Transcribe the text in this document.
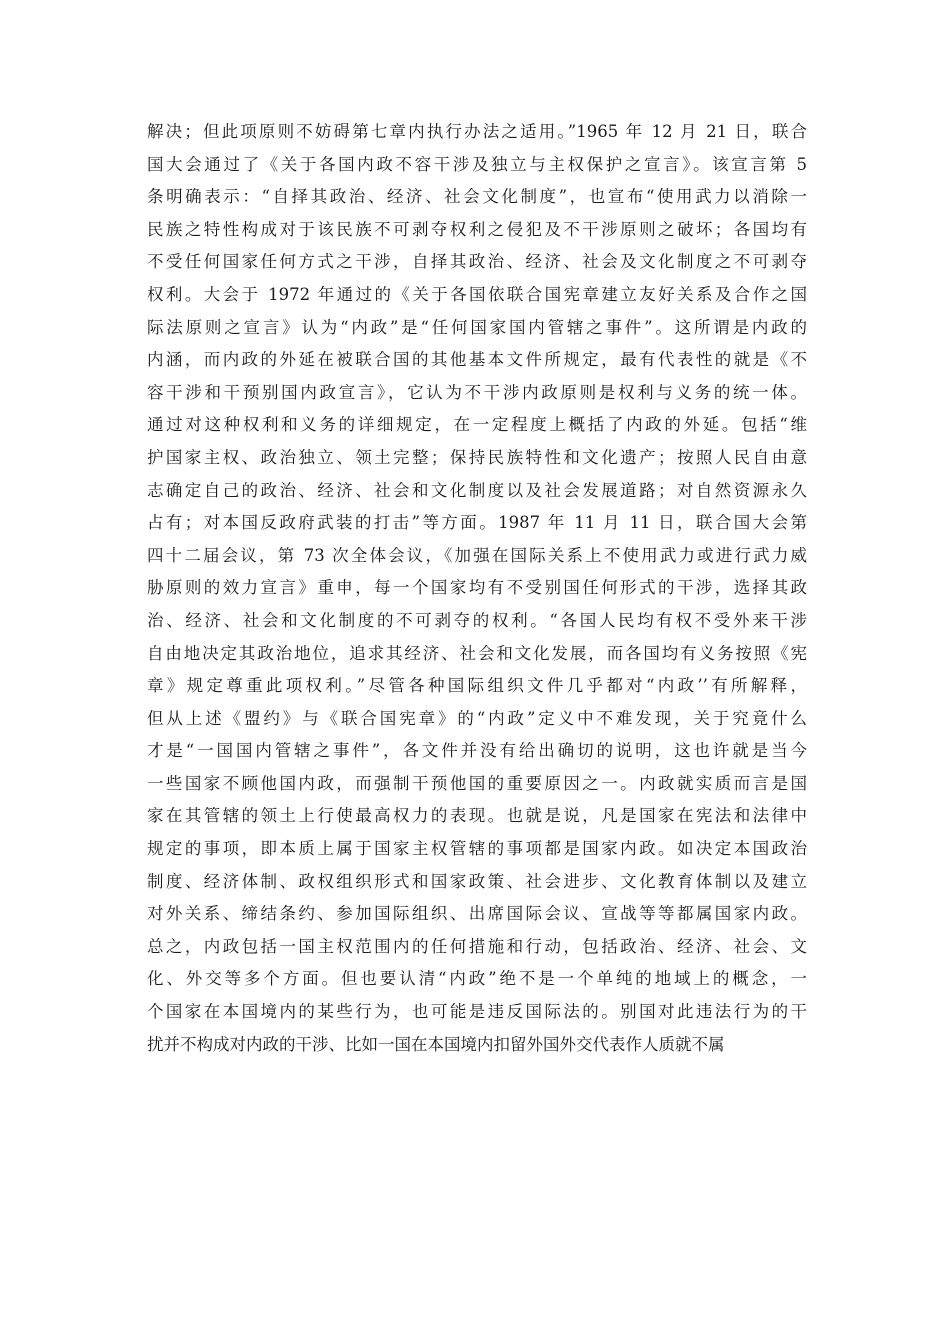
解决；但此项原则不妨碍第七章内执行办法之适用。”1965 年 12 月 21 日，联合
国大会通过了《关于各国内政不容干涉及独立与主权保护之宣言》。该宣言第 5
条明确表示：“自择其政治、经济、社会文化制度”，也宣布“使用武力以消除一
民族之特性构成对于该民族不可剥夺权利之侵犯及不干涉原则之破坏；各国均有
不受任何国家任何方式之干涉，自择其政治、经济、社会及文化制度之不可剥夺
权利。大会于 1972 年通过的《关于各国依联合国宪章建立友好关系及合作之国
际法原则之宣言》认为“内政”是“任何国家国内管辖之事件”。这所谓是内政的
内涵，而内政的外延在被联合国的其他基本文件所规定，最有代表性的就是《不
容干涉和干预别国内政宣言》，它认为不干涉内政原则是权利与义务的统一体。
通过对这种权利和义务的详细规定，在一定程度上概括了内政的外延。包括“维
护国家主权、政治独立、领土完整；保持民族特性和文化遗产；按照人民自由意
志确定自己的政治、经济、社会和文化制度以及社会发展道路；对自然资源永久
占有；对本国反政府武装的打击”等方面。1987 年 11 月 11 日，联合国大会第
四十二届会议，第 73 次全体会议，《加强在国际关系上不使用武力或进行武力威
胁原则的效力宣言》重申，每一个国家均有不受别国任何形式的干涉，选择其政
治、经济、社会和文化制度的不可剥夺的权利。“各国人民均有权不受外来干涉
自由地决定其政治地位，追求其经济、社会和文化发展，而各国均有义务按照《宪
章》规定尊重此项权利。”尽管各种国际组织文件几乎都对“内政’’有所解释，
但从上述《盟约》与《联合国宪章》的“内政”定义中不难发现，关于究竟什么
才是“一国国内管辖之事件”，各文件并没有给出确切的说明，这也许就是当今
一些国家不顾他国内政，而强制干预他国的重要原因之一。内政就实质而言是国
家在其管辖的领土上行使最高权力的表现。也就是说，凡是国家在宪法和法律中
规定的事项，即本质上属于国家主权管辖的事项都是国家内政。如决定本国政治
制度、经济体制、政权组织形式和国家政策、社会进步、文化教育体制以及建立
对外关系、缔结条约、参加国际组织、出席国际会议、宣战等等都属国家内政。
总之，内政包括一国主权范围内的任何措施和行动，包括政治、经济、社会、文
化、外交等多个方面。但也要认清“内政”绝不是一个单纯的地域上的概念，一
个国家在本国境内的某些行为，也可能是违反国际法的。别国对此违法行为的干
扰并不构成对内政的干涉、比如一国在本国境内扣留外国外交代表作人质就不属
